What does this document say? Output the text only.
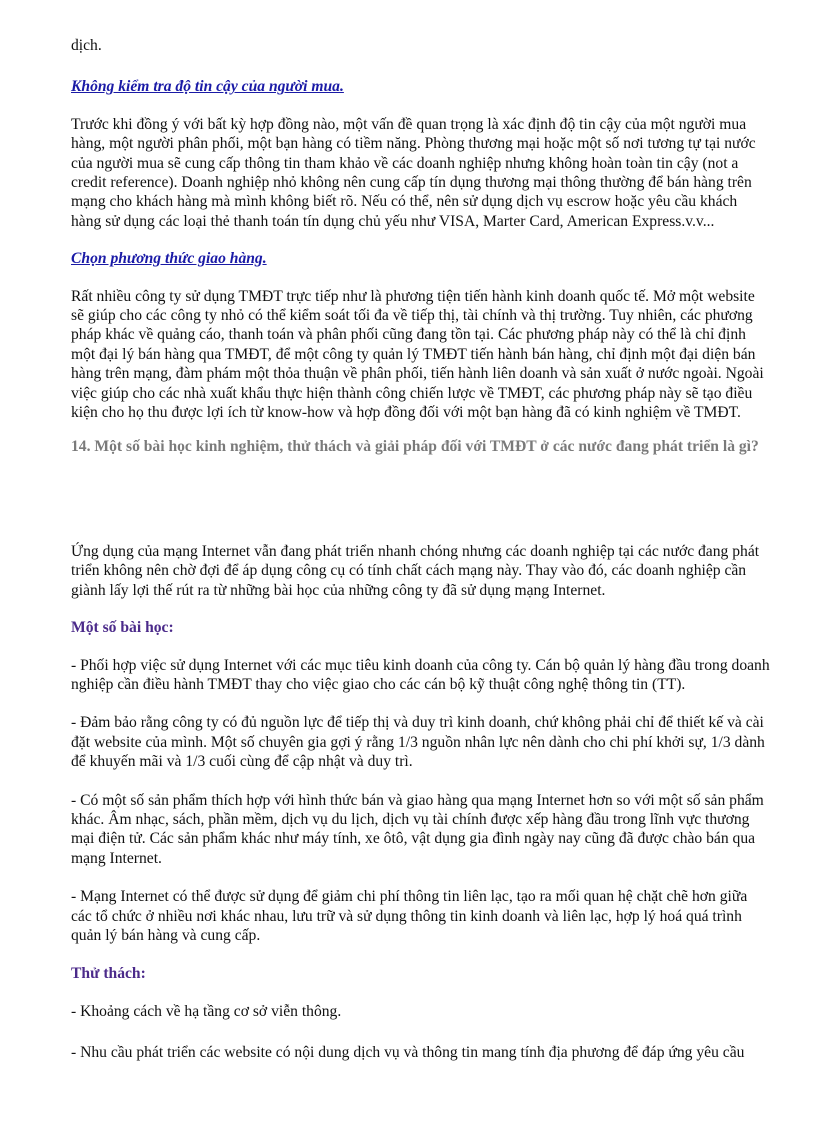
dịch.

Không kiểm tra độ tin cậy của người mua.

Trước khi đồng ý với bất kỳ hợp đồng nào, một vấn đề quan trọng là xác định độ tin cậy của một người mua hàng, một người phân phối, một bạn hàng có tiềm năng. Phòng thương mại hoặc một số nơi tương tự tại nước của người mua sẽ cung cấp thông tin tham khảo về các doanh nghiệp nhưng không hoàn toàn tin cậy (not a credit reference). Doanh nghiệp nhỏ không nên cung cấp tín dụng thương mại thông thường để bán hàng trên mạng cho khách hàng mà mình không biết rõ. Nếu có thể, nên sử dụng dịch vụ escrow hoặc yêu cầu khách hàng sử dụng các loại thẻ thanh toán tín dụng chủ yếu như VISA, Marter Card, American Express.v.v...

Chọn phương thức giao hàng.

Rất nhiều công ty sử dụng TMĐT trực tiếp như là phương tiện tiến hành kinh doanh quốc tế. Mở một website sẽ giúp cho các công ty nhỏ có thể kiểm soát tối đa về tiếp thị, tài chính và thị trường. Tuy nhiên, các phương pháp khác về quảng cáo, thanh toán và phân phối cũng đang tồn tại. Các phương pháp này có thể là chỉ định một đại lý bán hàng qua TMĐT, để một công ty quản lý TMĐT tiến hành bán hàng, chỉ định một đại diện bán hàng trên mạng, đàm phám một thỏa thuận về phân phối, tiến hành liên doanh và sản xuất ở nước ngoài. Ngoài việc giúp cho các nhà xuất khẩu thực hiện thành công chiến lược về TMĐT, các phương pháp này sẽ tạo điều kiện cho họ thu được lợi ích từ know-how và hợp đồng đối với một bạn hàng đã có kinh nghiệm về TMĐT.

14. Một số bài học kinh nghiệm, thử thách và giải pháp đối với TMĐT ở các nước đang phát triển là gì?

Ứng dụng của mạng Internet vẫn đang phát triển nhanh chóng nhưng các doanh nghiệp tại các nước đang phát triển không nên chờ đợi để áp dụng công cụ có tính chất cách mạng này. Thay vào đó, các doanh nghiệp cần giành lấy lợi thế rút ra từ những bài học của những công ty đã sử dụng mạng Internet.

Một số bài học:

- Phối hợp việc sử dụng Internet với các mục tiêu kinh doanh của công ty. Cán bộ quản lý hàng đầu trong doanh nghiệp cần điều hành TMĐT thay cho việc giao cho các cán bộ kỹ thuật công nghệ thông tin (TT).

- Đảm bảo rằng công ty có đủ nguồn lực để tiếp thị và duy trì kinh doanh, chứ không phải chỉ để thiết kế và cài đặt website của mình. Một số chuyên gia gợi ý rằng 1/3 nguồn nhân lực nên dành cho chi phí khởi sự, 1/3 dành để khuyến mãi và 1/3 cuối cùng để cập nhật và duy trì.

- Có một số sản phẩm thích hợp với hình thức bán và giao hàng qua mạng Internet hơn so với một số sản phẩm khác. Âm nhạc, sách, phần mềm, dịch vụ du lịch, dịch vụ tài chính được xếp hàng đầu trong lĩnh vực thương mại điện tử. Các sản phẩm khác như máy tính, xe ôtô, vật dụng gia đình ngày nay cũng đã được chào bán qua mạng Internet.

- Mạng Internet có thể được sử dụng để giảm chi phí thông tin liên lạc, tạo ra mối quan hệ chặt chẽ hơn giữa các tổ chức ở nhiều nơi khác nhau, lưu trữ và sử dụng thông tin kinh doanh và liên lạc, hợp lý hoá quá trình quản lý bán hàng và cung cấp.

Thử thách:

- Khoảng cách về hạ tầng cơ sở viễn thông.

- Nhu cầu phát triển các website có nội dung dịch vụ và thông tin mang tính địa phương để đáp ứng yêu cầu
